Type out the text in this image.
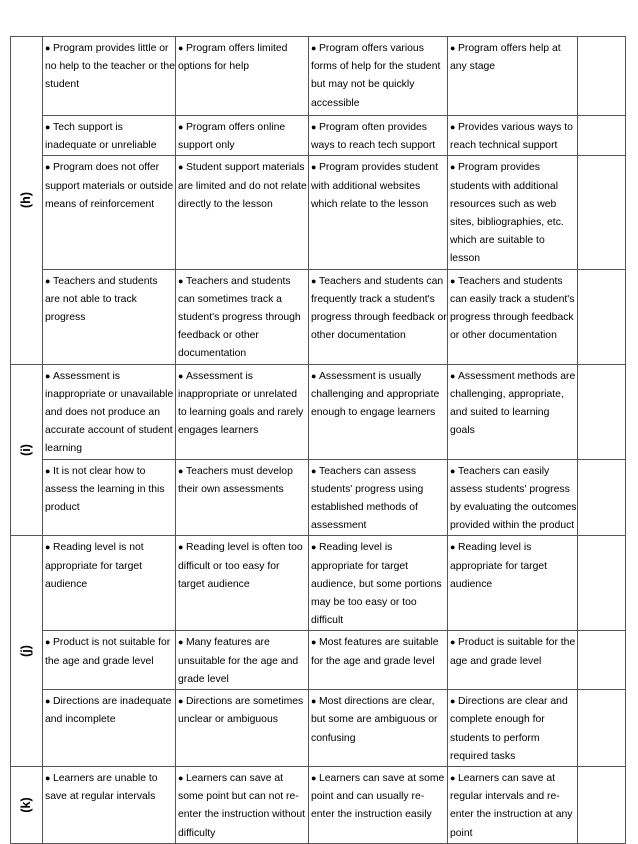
(h)	● Program provides little or no help to the teacher or the student	● Program offers limited options for help	● Program offers various forms of help for the student but may not be quickly accessible	● Program offers help at any stage	

	● Tech support is inadequate or unreliable	● Program offers online support only	● Program often provides ways to reach tech support	● Provides various ways to reach technical support	

	● Program does not offer support materials or outside means of reinforcement	● Student support materials are limited and do not relate directly to the lesson	● Program provides student with additional websites which relate to the lesson	● Program provides students with additional resources such as web sites, bibliographies, etc. which are suitable to lesson	

	● Teachers and students are not able to track progress	● Teachers and students can sometimes track a student's progress through feedback or other documentation	● Teachers and students can frequently track a student's progress through feedback or other documentation	● Teachers and students can easily track a student's progress through feedback or other documentation	

(i)	● Assessment is inappropriate or unavailable and does not produce an accurate account of student learning	● Assessment is inappropriate or unrelated to learning goals and rarely engages learners	● Assessment is usually challenging and appropriate enough to engage learners	● Assessment methods are challenging, appropriate, and suited to learning goals	

	● It is not clear how to assess the learning in this product	● Teachers must develop their own assessments	● Teachers can assess students' progress using established methods of assessment	● Teachers can easily assess students' progress by evaluating the outcomes provided within the product	

(j)	● Reading level is not appropriate for target audience	● Reading level is often too difficult or too easy for target audience	● Reading level is appropriate for target audience, but some portions may be too easy or too difficult	● Reading level is appropriate for target audience	

	● Product is not suitable for the age and grade level	● Many features are unsuitable for the age and grade level	● Most features are suitable for the age and grade level	● Product is suitable for the age and grade level	

	● Directions are inadequate and incomplete	● Directions are sometimes unclear or ambiguous	● Most directions are clear, but some are ambiguous or confusing	● Directions are clear and complete enough for students to perform required tasks	

(k)	● Learners are unable to save at regular intervals	● Learners can save at some point but can not re-enter the instruction without difficulty	● Learners can save at some point and can usually re-enter the instruction easily	● Learners can save at regular intervals and re-enter the instruction at any point	
